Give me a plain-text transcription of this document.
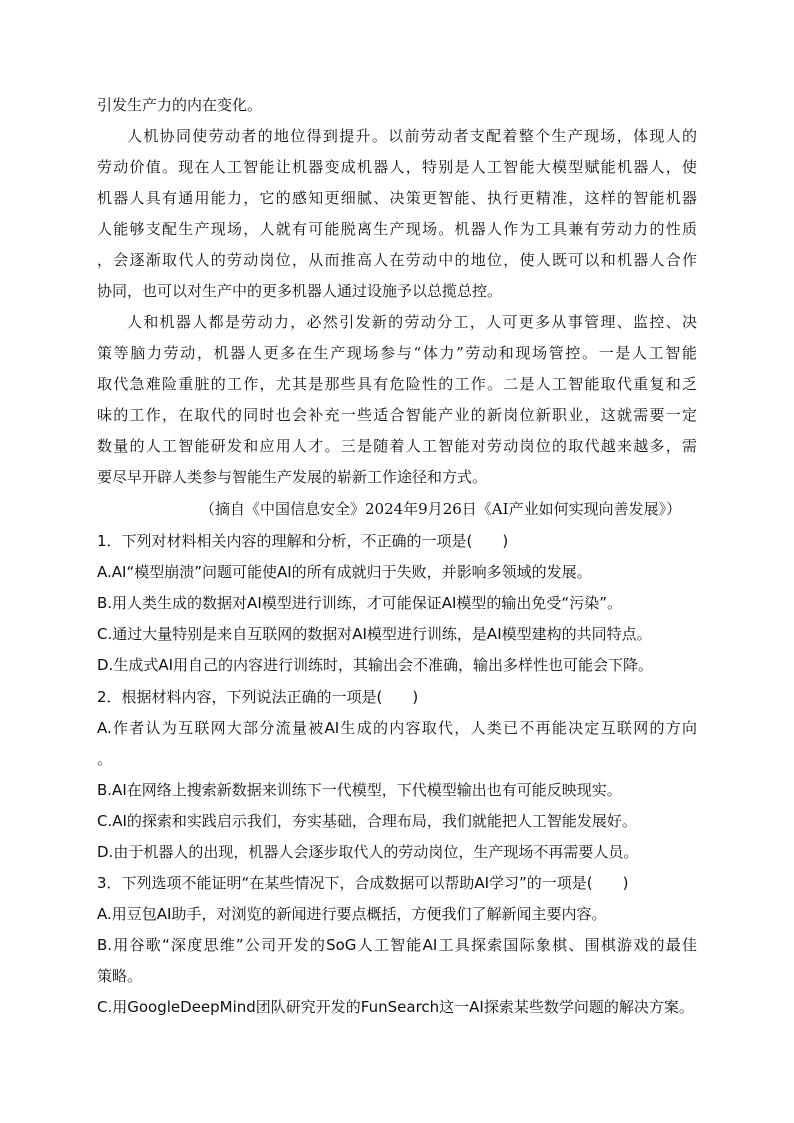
引发生产力的内在变化。
人机协同使劳动者的地位得到提升。以前劳动者支配着整个生产现场，体现人的
劳动价值。现在人工智能让机器变成机器人，特别是人工智能大模型赋能机器人，使
机器人具有通用能力，它的感知更细腻、决策更智能、执行更精准，这样的智能机器
人能够支配生产现场，人就有可能脱离生产现场。机器人作为工具兼有劳动力的性质
，会逐渐取代人的劳动岗位，从而推高人在劳动中的地位，使人既可以和机器人合作
协同，也可以对生产中的更多机器人通过设施予以总揽总控。
人和机器人都是劳动力，必然引发新的劳动分工，人可更多从事管理、监控、决
策等脑力劳动，机器人更多在生产现场参与“体力”劳动和现场管控。一是人工智能
取代急难险重脏的工作，尤其是那些具有危险性的工作。二是人工智能取代重复和乏
味的工作，在取代的同时也会补充一些适合智能产业的新岗位新职业，这就需要一定
数量的人工智能研发和应用人才。三是随着人工智能对劳动岗位的取代越来越多，需
要尽早开辟人类参与智能生产发展的崭新工作途径和方式。
（摘自《中国信息安全》2024年9月26日《AI产业如何实现向善发展》）
1．下列对材料相关内容的理解和分析，不正确的一项是(　　)
A.AI“模型崩溃”问题可能使AI的所有成就归于失败，并影响多领域的发展。
B.用人类生成的数据对AI模型进行训练，才可能保证AI模型的输出免受“污染”。
C.通过大量特别是来自互联网的数据对AI模型进行训练，是AI模型建构的共同特点。
D.生成式AI用自己的内容进行训练时，其输出会不准确，输出多样性也可能会下降。
2．根据材料内容，下列说法正确的一项是(　　)
A.作者认为互联网大部分流量被AI生成的内容取代，人类已不再能决定互联网的方向
。
B.AI在网络上搜索新数据来训练下一代模型，下代模型输出也有可能反映现实。
C.AI的探索和实践启示我们，夯实基础，合理布局，我们就能把人工智能发展好。
D.由于机器人的出现，机器人会逐步取代人的劳动岗位，生产现场不再需要人员。
3．下列选项不能证明“在某些情况下，合成数据可以帮助AI学习”的一项是(　　)
A.用豆包AI助手，对浏览的新闻进行要点概括，方便我们了解新闻主要内容。
B.用谷歌“深度思维”公司开发的SoG人工智能AI工具探索国际象棋、围棋游戏的最佳
策略。
C.用GoogleDeepMind团队研究开发的FunSearch这一AI探索某些数学问题的解决方案。
